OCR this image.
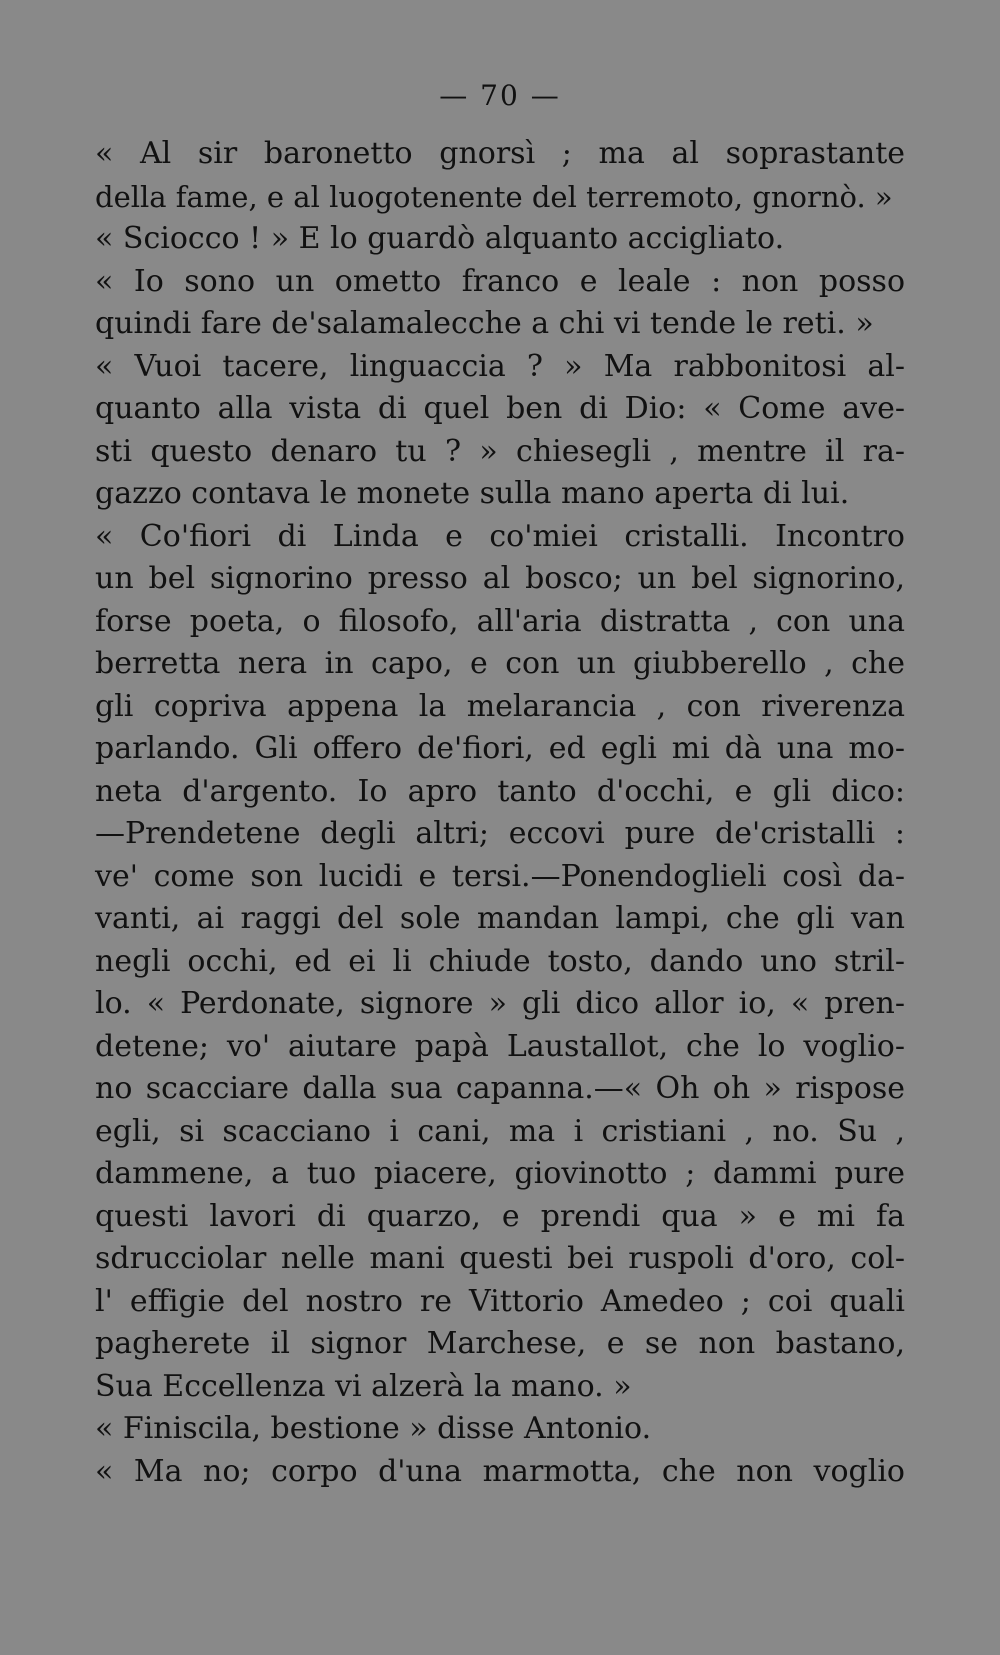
— 70 —
« Al sir baronetto gnorsì ; ma al soprastante
della fame, e al luogotenente del terremoto, gnornò. »
« Sciocco ! » E lo guardò alquanto accigliato.
« Io sono un ometto franco e leale : non posso
quindi fare de'salamalecche a chi vi tende le reti. »
« Vuoi tacere, linguaccia ? » Ma rabbonitosi al-
quanto alla vista di quel ben di Dio: « Come ave-
sti questo denaro tu ? » chiesegli , mentre il ra-
gazzo contava le monete sulla mano aperta di lui.
« Co'fiori di Linda e co'miei cristalli. Incontro
un bel signorino presso al bosco; un bel signorino,
forse poeta, o filosofo, all'aria distratta , con una
berretta nera in capo, e con un giubberello , che
gli copriva appena la melarancia , con riverenza
parlando. Gli offero de'fiori, ed egli mi dà una mo-
neta d'argento. Io apro tanto d'occhi, e gli dico:
—Prendetene degli altri; eccovi pure de'cristalli :
ve' come son lucidi e tersi.—Ponendoglieli così da-
vanti, ai raggi del sole mandan lampi, che gli van
negli occhi, ed ei li chiude tosto, dando uno stril-
lo. « Perdonate, signore » gli dico allor io, « pren-
detene; vo' aiutare papà Laustallot, che lo voglio-
no scacciare dalla sua capanna.—« Oh oh » rispose
egli, si scacciano i cani, ma i cristiani , no. Su ,
dammene, a tuo piacere, giovinotto ; dammi pure
questi lavori di quarzo, e prendi qua » e mi fa
sdrucciolar nelle mani questi bei ruspoli d'oro, col-
l' effigie del nostro re Vittorio Amedeo ; coi quali
pagherete il signor Marchese, e se non bastano,
Sua Eccellenza vi alzerà la mano. »
« Finiscila, bestione » disse Antonio.
« Ma no; corpo d'una marmotta, che non voglio
